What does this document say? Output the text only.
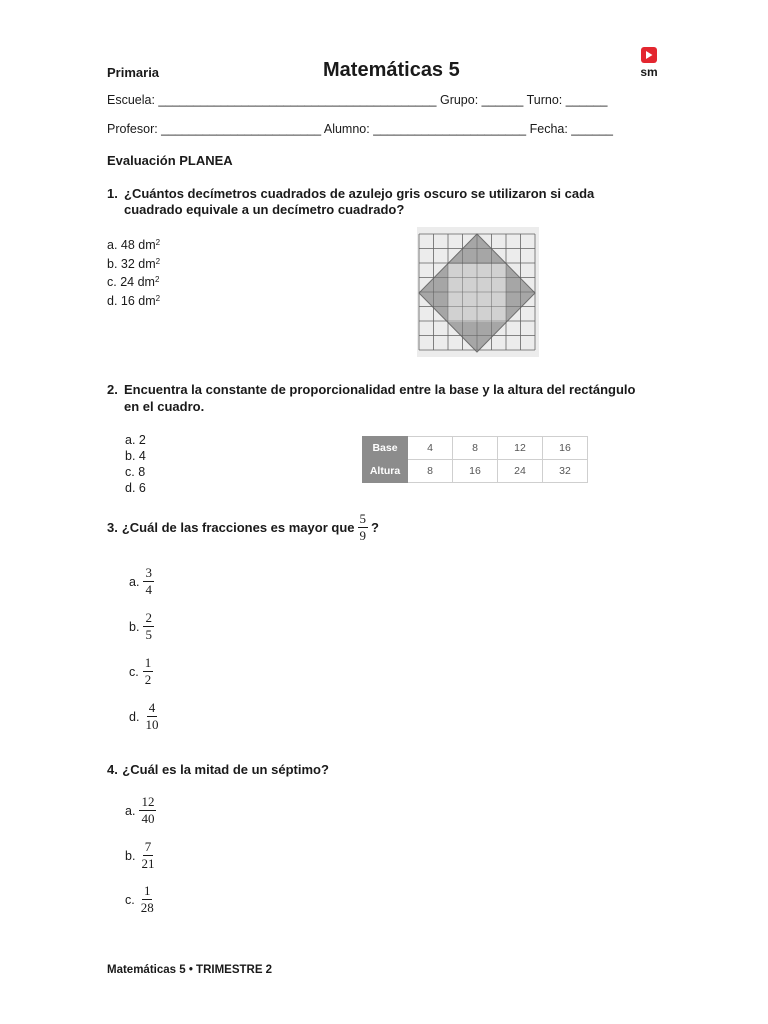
Primaria	Matemáticas 5	sm
Escuela: ________________________________________ Grupo: ______ Turno: ______
Profesor: _______________________ Alumno: ______________________ Fecha: ______
Evaluación PLANEA
1. ¿Cuántos decímetros cuadrados de azulejo gris oscuro se utilizaron si cada
cuadrado equivale a un decímetro cuadrado?
a. 48 $dm^2$
b. 32 $dm^2$
c. 24 $dm^2$
d. 16 $dm^2$
2. Encuentra la constante de proporcionalidad entre la base y la altura del rectángulo
en el cuadro.
a. 2
b. 4
c. 8
d. 6
Base	4	8	12	16
Altura	8	16	24	32
3. ¿Cuál de las fracciones es mayor que $\frac{5}{9}$ ?
a. $\frac{3}{4}$
b. $\frac{2}{5}$
c. $\frac{1}{2}$
d. $\frac{4}{10}$
4. ¿Cuál es la mitad de un séptimo?
a. $\frac{12}{40}$
b. $\frac{7}{21}$
c. $\frac{1}{28}$
Matemáticas 5 • TRIMESTRE 2
